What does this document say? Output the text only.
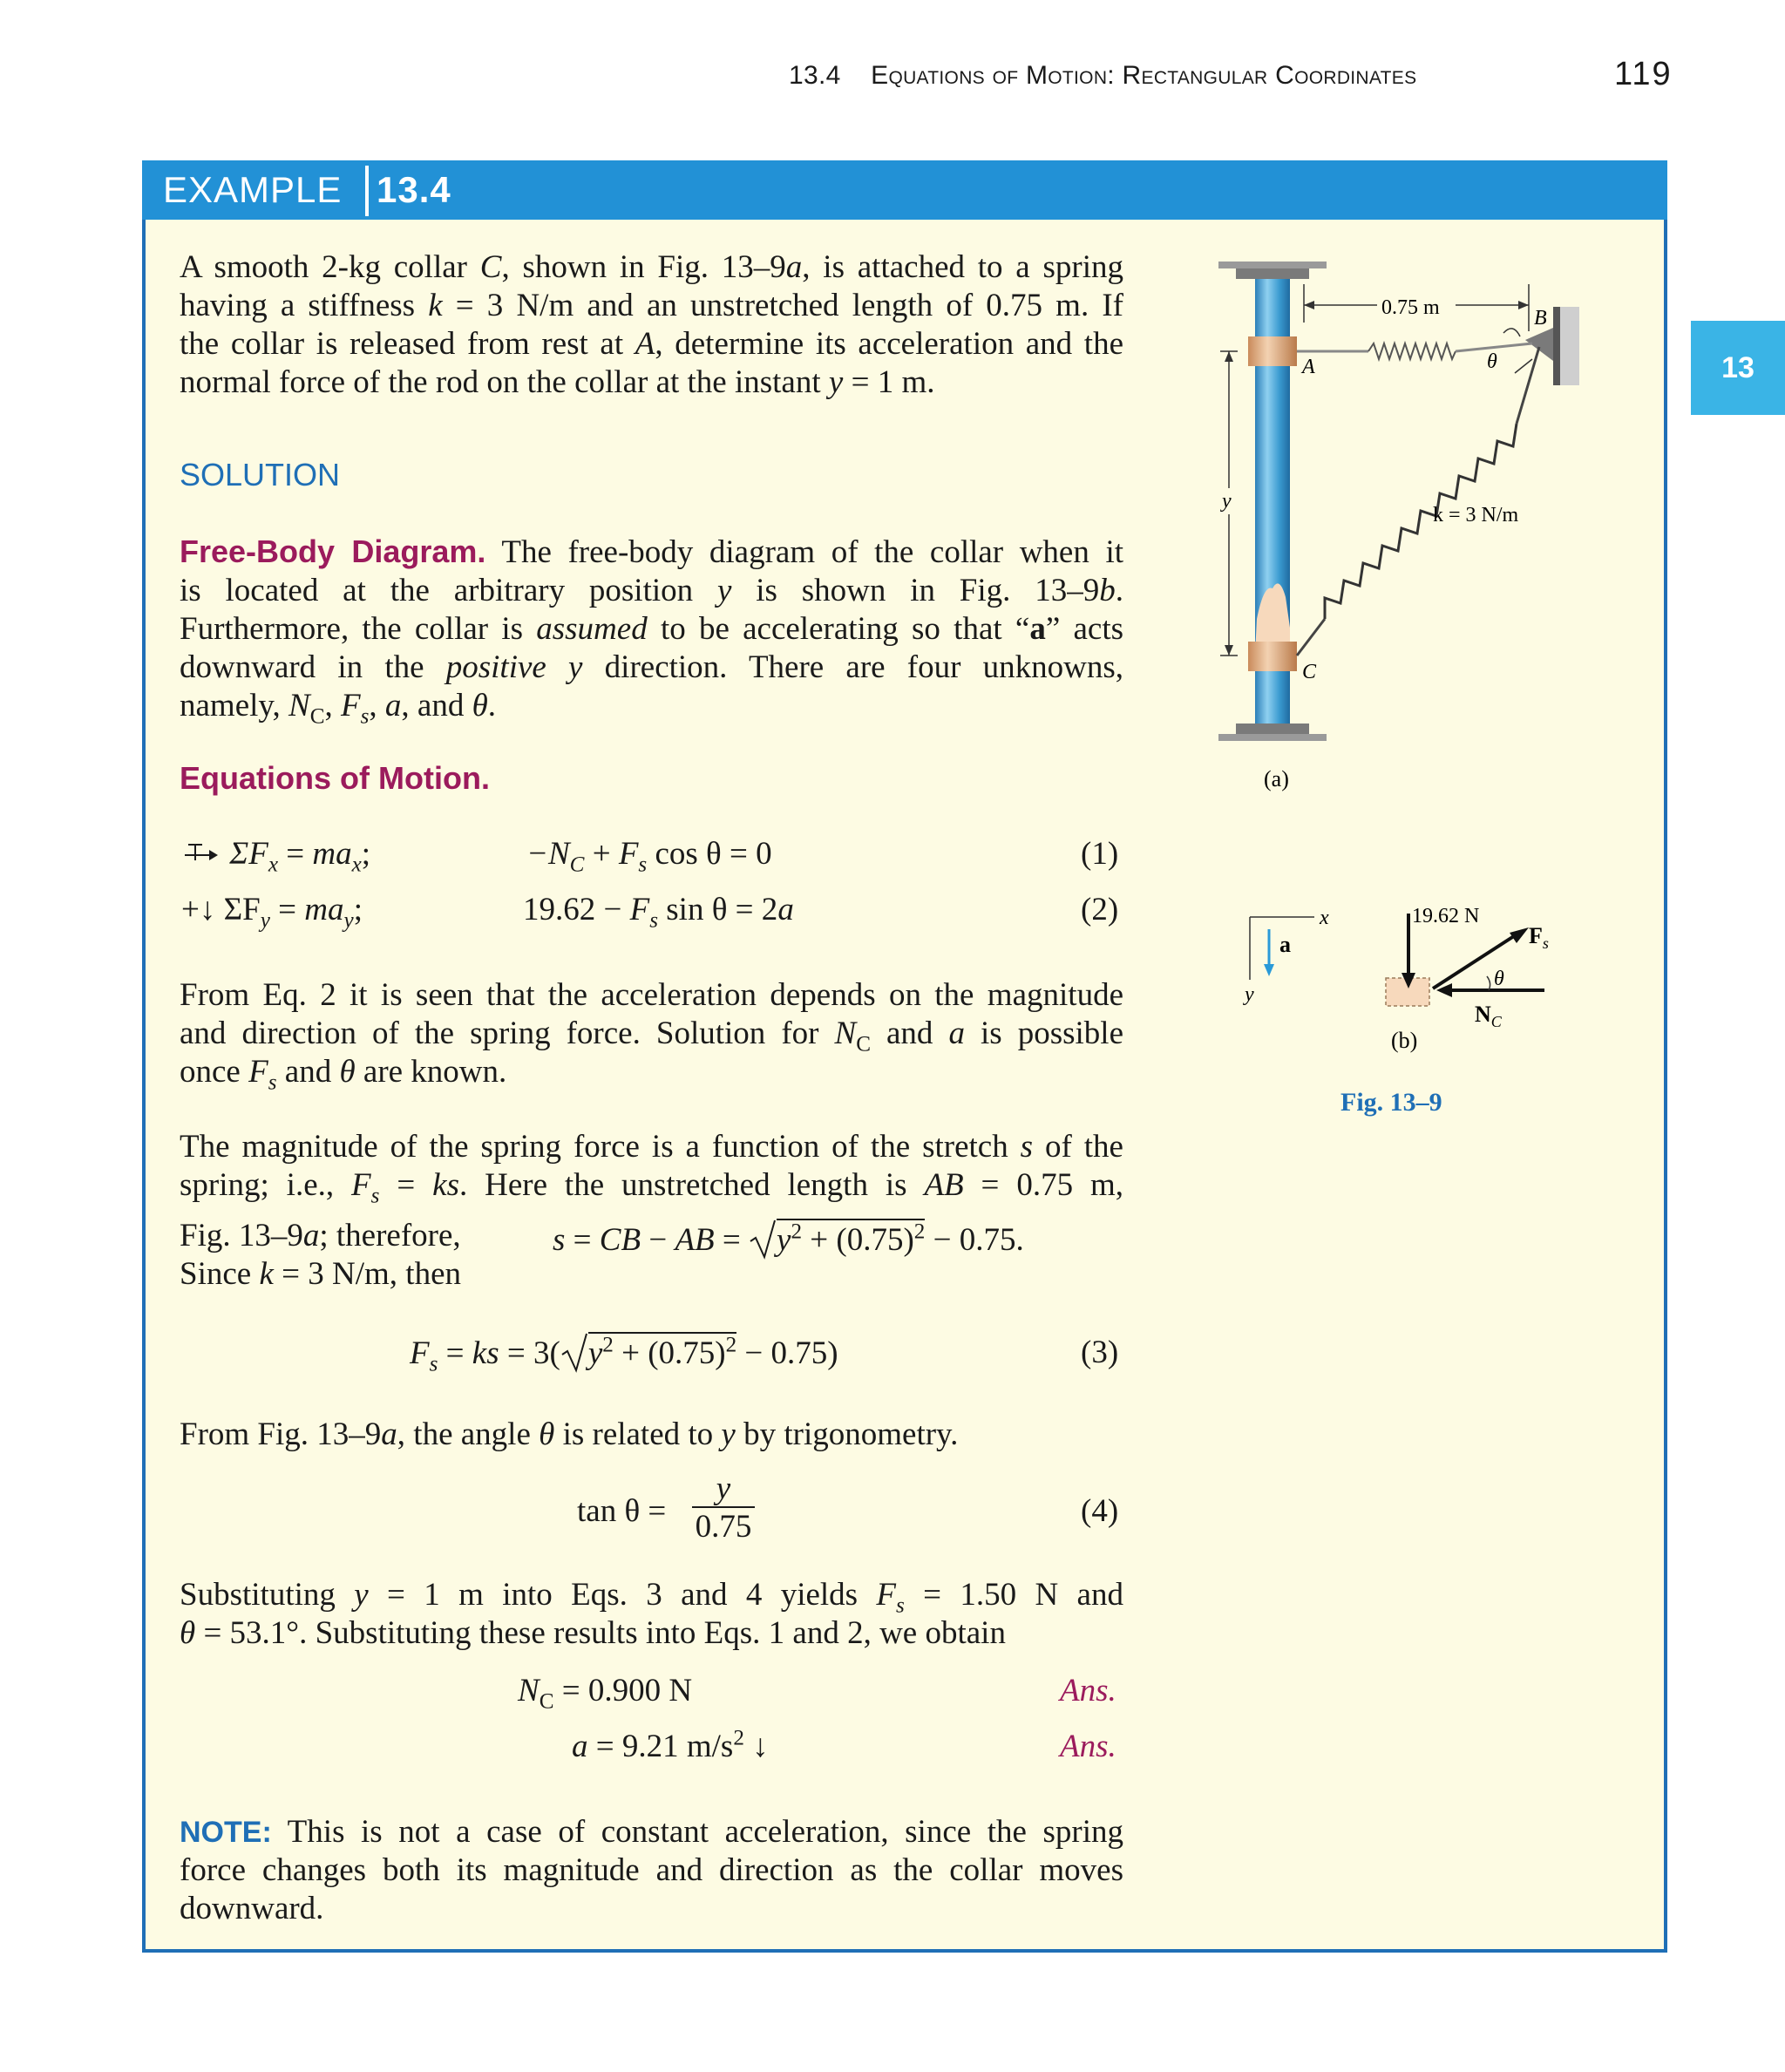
13.4 Equations of Motion: Rectangular Coordinates	119
13
EXAMPLE 13.4
A smooth 2-kg collar C, shown in Fig. 13–9a, is attached to a spring
having a stiffness k = 3 N/m and an unstretched length of 0.75 m. If
the collar is released from rest at A, determine its acceleration and the
normal force of the rod on the collar at the instant y = 1 m.
SOLUTION
Free-Body Diagram. The free-body diagram of the collar when it
is located at the arbitrary position y is shown in Fig. 13–9b.
Furthermore, the collar is assumed to be accelerating so that “a” acts
downward in the positive y direction. There are four unknowns,
namely, $N_C$, $F_s$, a, and θ.
Equations of Motion.
$\Sigma F_x = ma_x$;	$-N_C + F_s$ cos θ = 0	(1)
+↓ $\Sigma F_y = ma_y$;	$19.62 - F_s$ sin θ = 2a	(2)
From Eq. 2 it is seen that the acceleration depends on the magnitude
and direction of the spring force. Solution for $N_C$ and a is possible
once $F_s$ and θ are known.
The magnitude of the spring force is a function of the stretch s of the
spring; i.e., $F_s$ = ks. Here the unstretched length is AB = 0.75 m,
Fig. 13–9a; therefore,	s = CB − AB = $y^2 + (0.75)^2 - 0.75$.
Since k = 3 N/m, then
$F_s$ = ks = 3( $y^2 + (0.75)^2 - 0.75$)	(3)
From Fig. 13–9a, the angle θ is related to y by trigonometry.
tan θ =
y
0.75	(4)
Substituting y = 1 m into Eqs. 3 and 4 yields $F_s = 1.50$ N and
θ = 53.1°. Substituting these results into Eqs. 1 and 2, we obtain
$N_C = 0.900$ N	Ans.
a = 9.21 $m/s^2$ ↓	Ans.
NOTE: This is not a case of constant acceleration, since the spring
force changes both its magnitude and direction as the collar moves
downward.
0.75 m	B
A	θ
k = 3 N/m
y
C
(a)
x
y
a
19.62 N
$F_s$
θ
$N_C$
(b)
Fig. 13–9
